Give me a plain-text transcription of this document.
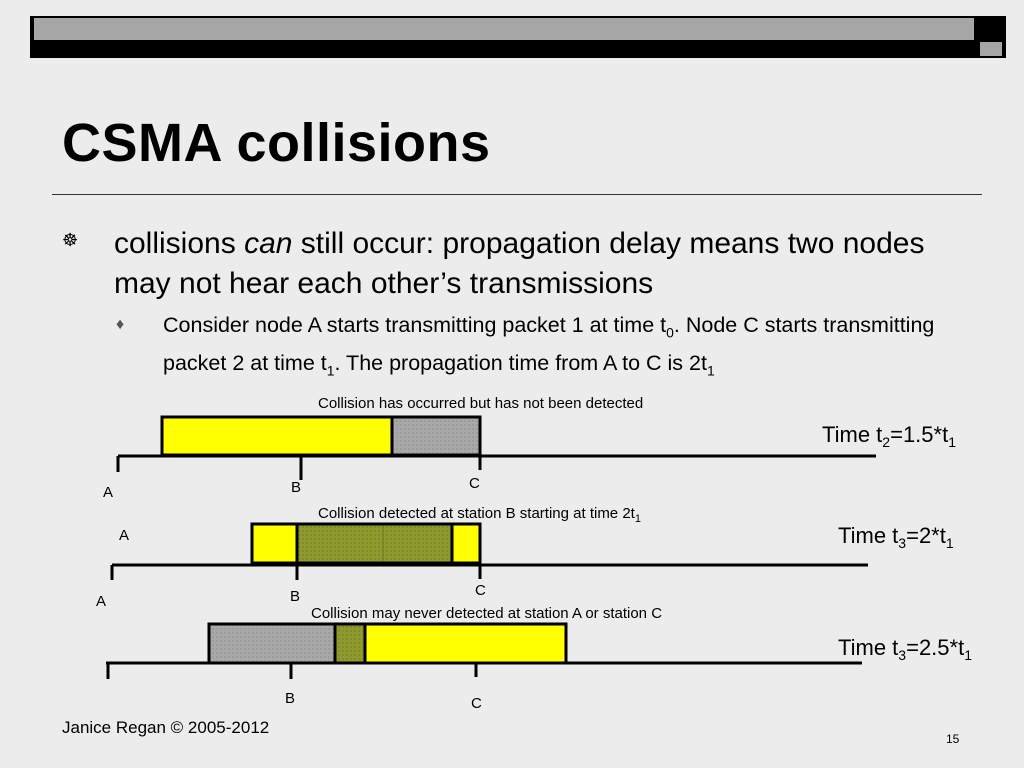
CSMA collisions
☸ collisions can still occur: propagation delay means two nodes may not hear each other’s transmissions
♦ Consider node A starts transmitting packet 1 at time $t_0$. Node C starts transmitting packet 2 at time $t_1$. The propagation time from A to C is $2t_1$
Collision has occurred but has not been detected
A	B	C
Time $t_2=1.5*t_1$
Collision detected at station B starting at time $2t_1$
A
A	B	C
Time $t_3=2*t_1$
Collision may never detected at station A or station C
B	C
Time $t_3=2.5*t_1$
Janice Regan © 2005-2012
15
